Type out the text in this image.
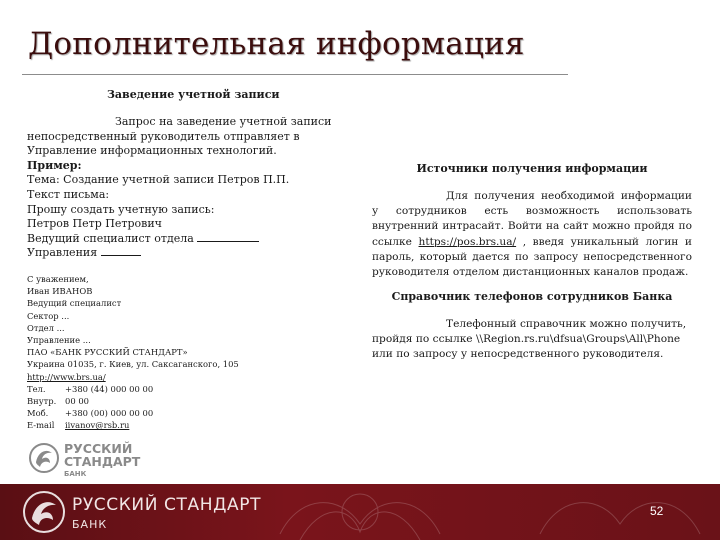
Дополнительная информация
Заведение учетной записи

Запрос на заведение учетной записи непосредственный руководитель отправляет в Управление информационных технологий.

Пример:

Тема: Создание учетной записи Петров П.П.

Текст письма:

Прошу создать учетную запись:

Петров Петр Петрович

Ведущий специалист отдела

Управления

С уважением,

Иван ИВАНОВ

Ведущий специалист

Сектор ...

Отдел ...

Управление ...

ПАО «БАНК РУССКИЙ СТАНДАРТ»

Украина 01035, г. Киев, ул. Саксаганского, 105

http://www.brs.ua/

Тел.	+380 (44) 000 00 00
Внутр.	00 00
Моб.	+380 (00) 000 00 00
E-mail	iivanov@rsb.ru
РУССКИЙ
СТАНДАРТ
БАНК
Источники получения информации

Для получения необходимой информации у сотрудников есть возможность использовать внутренний интрасайт. Войти на сайт можно пройдя по ссылке https://pos.brs.ua/ , введя уникальный логин и пароль, который дается по запросу непосредственного руководителя отделом дистанционных каналов продаж.

Справочник телефонов сотрудников Банка

Телефонный справочник можно получить, пройдя по ссылке \\Region.rs.ru\dfsua\Groups\All\Phone или по запросу у непосредственного руководителя.

РУССКИЙ СТАНДАРТ
БАНК
52
